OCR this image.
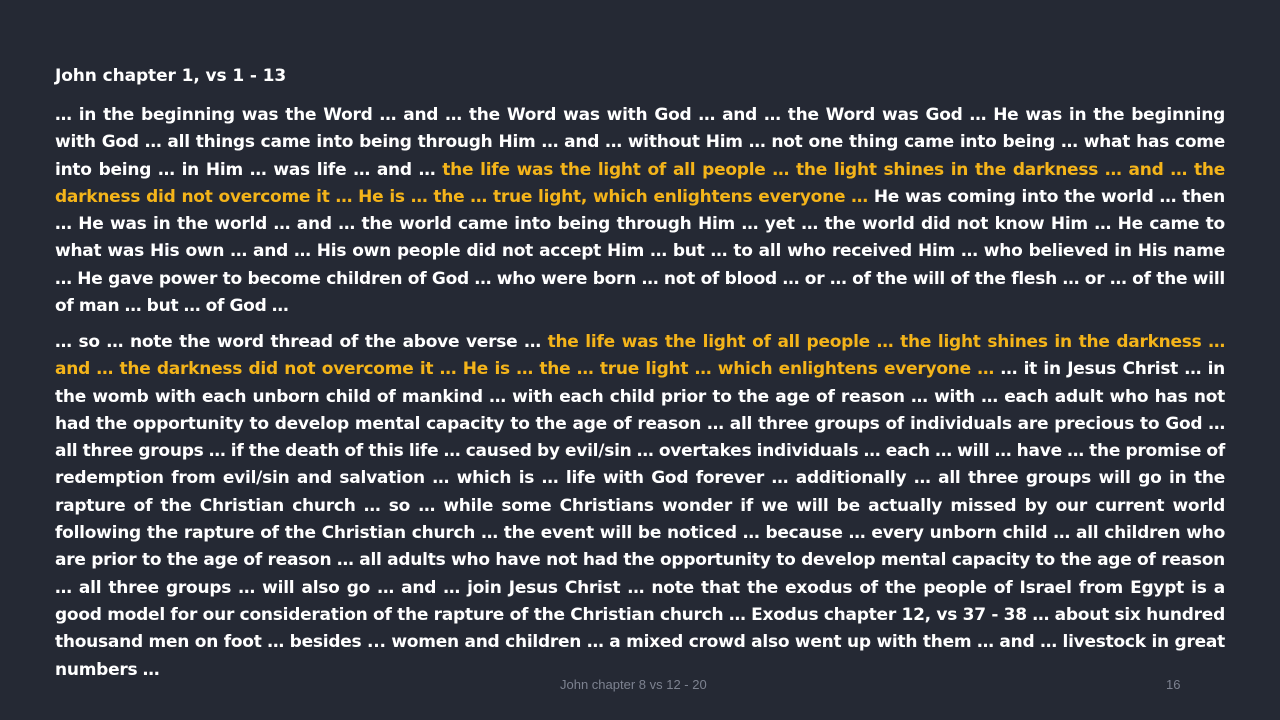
John chapter 1, vs 1 - 13
… in the beginning was the Word … and … the Word was with God … and … the Word was God … He was in the beginning with God … all things came into being through Him … and … without Him … not one thing came into being … what has come into being … in Him … was life … and … the life was the light of all people … the light shines in the darkness … and … the darkness did not overcome it … He is … the … true light, which enlightens everyone … He was coming into the world … then … He was in the world … and … the world came into being through Him … yet … the world did not know Him … He came to what was His own … and … His own people did not accept Him … but … to all who received Him … who believed in His name … He gave power to become children of God … who were born … not of blood … or … of the will of the flesh … or … of the will of man … but … of God …
… so … note the word thread of the above verse … the life was the light of all people … the light shines in the darkness … and … the darkness did not overcome it … He is … the … true light … which enlightens everyone … … it in Jesus Christ … in the womb with each unborn child of mankind … with each child prior to the age of reason … with … each adult who has not had the opportunity to develop mental capacity to the age of reason … all three groups of individuals are precious to God … all three groups … if the death of this life … caused by evil/sin … overtakes individuals … each … will … have … the promise of redemption from evil/sin and salvation … which is … life with God forever … additionally … all three groups will go in the rapture of the Christian church … so … while some Christians wonder if we will be actually missed by our current world following the rapture of the Christian church … the event will be noticed … because … every unborn child … all children who are prior to the age of reason … all adults who have not had the opportunity to develop mental capacity to the age of reason … all three groups … will also go … and … join Jesus Christ … note that the exodus of the people of Israel from Egypt is a good model for our consideration of the rapture of the Christian church … Exodus chapter 12, vs 37 - 38 … about six hundred thousand men on foot … besides ... women and children … a mixed crowd also went up with them … and … livestock in great numbers …
John chapter 8 vs 12 - 20	16
